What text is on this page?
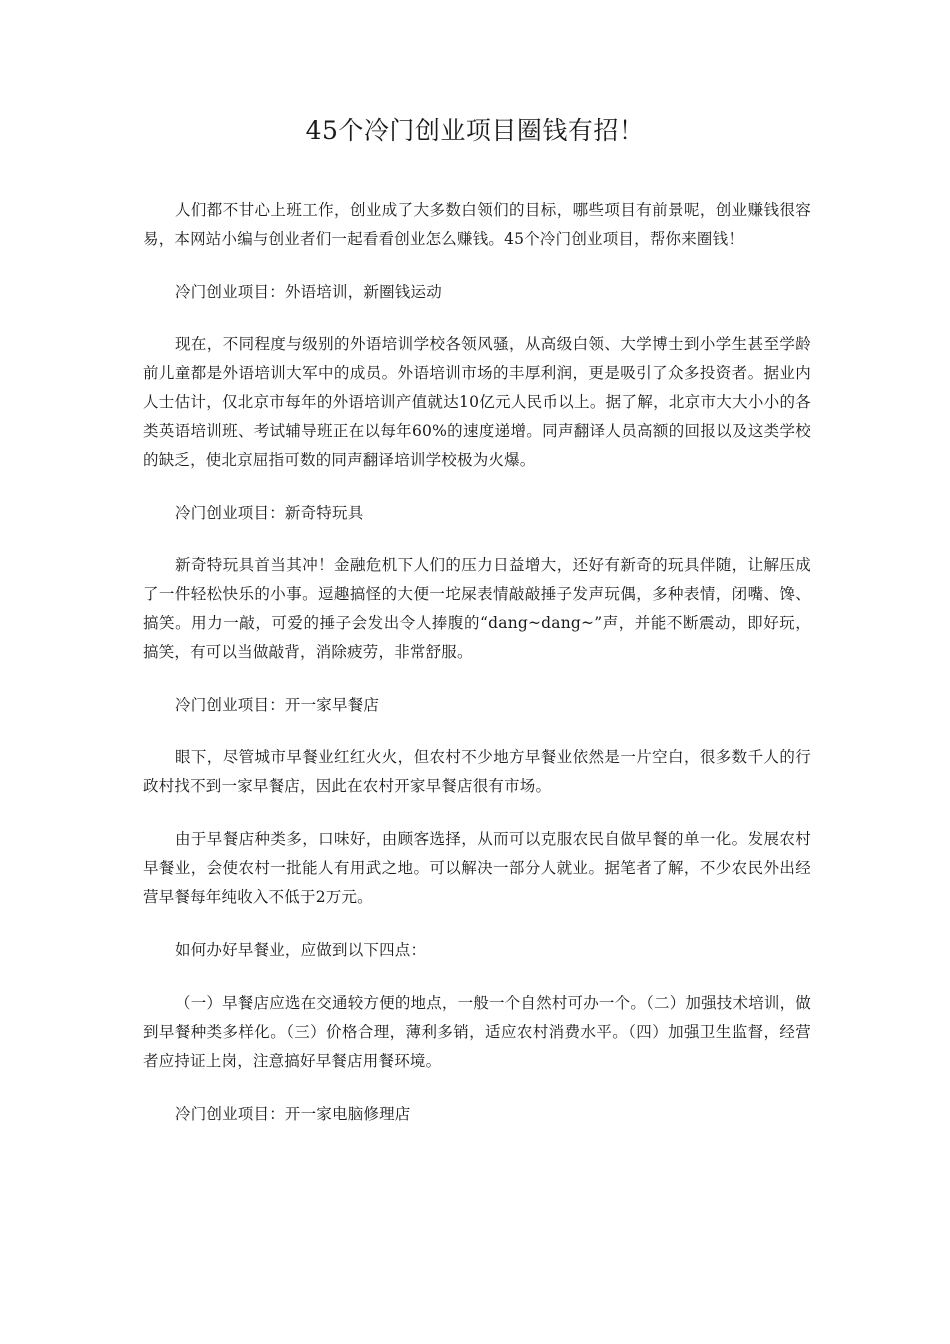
45个冷门创业项目圈钱有招！

人们都不甘心上班工作，创业成了大多数白领们的目标，哪些项目有前景呢，创业赚钱很容易，本网站小编与创业者们一起看看创业怎么赚钱。45个冷门创业项目，帮你来圈钱！

冷门创业项目：外语培训，新圈钱运动

现在，不同程度与级别的外语培训学校各领风骚，从高级白领、大学博士到小学生甚至学龄前儿童都是外语培训大军中的成员。外语培训市场的丰厚利润，更是吸引了众多投资者。据业内人士估计，仅北京市每年的外语培训产值就达10亿元人民币以上。据了解，北京市大大小小的各类英语培训班、考试辅导班正在以每年60%的速度递增。同声翻译人员高额的回报以及这类学校的缺乏，使北京屈指可数的同声翻译培训学校极为火爆。

冷门创业项目：新奇特玩具

新奇特玩具首当其冲！金融危机下人们的压力日益增大，还好有新奇的玩具伴随，让解压成了一件轻松快乐的小事。逗趣搞怪的大便一坨屎表情敲敲捶子发声玩偶，多种表情，闭嘴、馋、搞笑。用力一敲，可爱的捶子会发出令人捧腹的“dang~dang~”声，并能不断震动，即好玩，搞笑，有可以当做敲背，消除疲劳，非常舒服。

冷门创业项目：开一家早餐店

眼下，尽管城市早餐业红红火火，但农村不少地方早餐业依然是一片空白，很多数千人的行政村找不到一家早餐店，因此在农村开家早餐店很有市场。

由于早餐店种类多，口味好，由顾客选择，从而可以克服农民自做早餐的单一化。发展农村早餐业，会使农村一批能人有用武之地。可以解决一部分人就业。据笔者了解，不少农民外出经营早餐每年纯收入不低于2万元。

如何办好早餐业，应做到以下四点：

（一）早餐店应选在交通较方便的地点，一般一个自然村可办一个。（二）加强技术培训，做到早餐种类多样化。（三）价格合理，薄利多销，适应农村消费水平。（四）加强卫生监督，经营者应持证上岗，注意搞好早餐店用餐环境。

冷门创业项目：开一家电脑修理店
